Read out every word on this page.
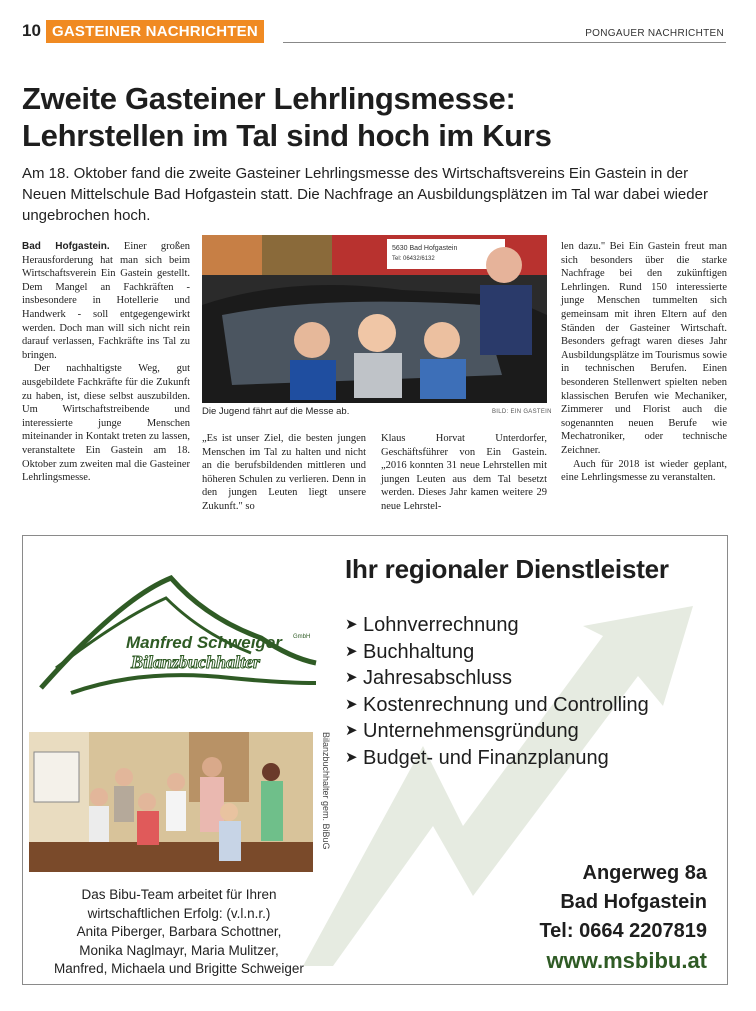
10 GASTEINER NACHRICHTEN	PONGAUER NACHRICHTEN
Zweite Gasteiner Lehrlingsmesse:
Lehrstellen im Tal sind hoch im Kurs
Am 18. Oktober fand die zweite Gasteiner Lehrlingsmesse des Wirtschaftsvereins Ein Gastein in der Neuen Mittelschule Bad Hofgastein statt. Die Nachfrage an Ausbildungsplätzen im Tal war dabei wieder ungebrochen hoch.

Bad Hofgastein. Einer großen Herausforderung hat man sich beim Wirtschaftsverein Ein Gastein gestellt. Dem Mangel an Fachkräften - insbesondere in Hotellerie und Handwerk - soll entgegengewirkt werden. Doch man will sich nicht rein darauf verlassen, Fachkräfte ins Tal zu bringen.

Der nachhaltigste Weg, gut ausgebildete Fachkräfte für die Zukunft zu haben, ist, diese selbst auszubilden. Um Wirtschaftstreibende und interessierte junge Menschen miteinander in Kontakt treten zu lassen, veranstaltete Ein Gastein am 18. Oktober zum zweiten mal die Gasteiner Lehrlingsmesse.

5630 Bad Hofgastein
Tel: 06432/6132
Die Jugend fährt auf die Messe ab.	BILD: EIN GASTEIN
„Es ist unser Ziel, die besten jungen Menschen im Tal zu halten und nicht an die berufsbildenden mittleren und höheren Schulen zu verlieren. Denn in den jungen Leuten liegt unsere Zukunft." so
Klaus Horvat Unterdorfer, Geschäftsführer von Ein Gastein. „2016 konnten 31 neue Lehrstellen mit jungen Leuten aus dem Tal besetzt werden. Dieses Jahr kamen weitere 29 neue Lehrstel-

len dazu." Bei Ein Gastein freut man sich besonders über die starke Nachfrage bei den zukünftigen Lehrlingen. Rund 150 interessierte junge Menschen tummelten sich gemeinsam mit ihren Eltern auf den Ständen der Gasteiner Wirtschaft. Besonders gefragt waren dieses Jahr Ausbildungsplätze im Tourismus sowie in technischen Berufen. Einen besonderen Stellenwert spielten neben klassischen Berufen wie Mechaniker, Zimmerer und Florist auch die sogenannten neuen Berufe wie Mechatroniker, oder technische Zeichner.

Auch für 2018 ist wieder geplant, eine Lehrlingsmesse zu veranstalten.

Manfred Schweiger GmbH
Bilanzbuchhalter
Ihr regionaler Dienstleister
➤ Lohnverrechnung
➤ Buchhaltung
➤ Jahresabschluss
➤ Kostenrechnung und Controlling
➤ Unternehmensgründung
➤ Budget- und Finanzplanung
Bilanzbuchhalter gem. BiBuG
Das Bibu-Team arbeitet für Ihren
wirtschaftlichen Erfolg: (v.l.n.r.)
Anita Piberger, Barbara Schottner,
Monika Naglmayr, Maria Mulitzer,
Manfred, Michaela und Brigitte Schweiger
Angerweg 8a
Bad Hofgastein
Tel: 0664 2207819
www.msbibu.at
